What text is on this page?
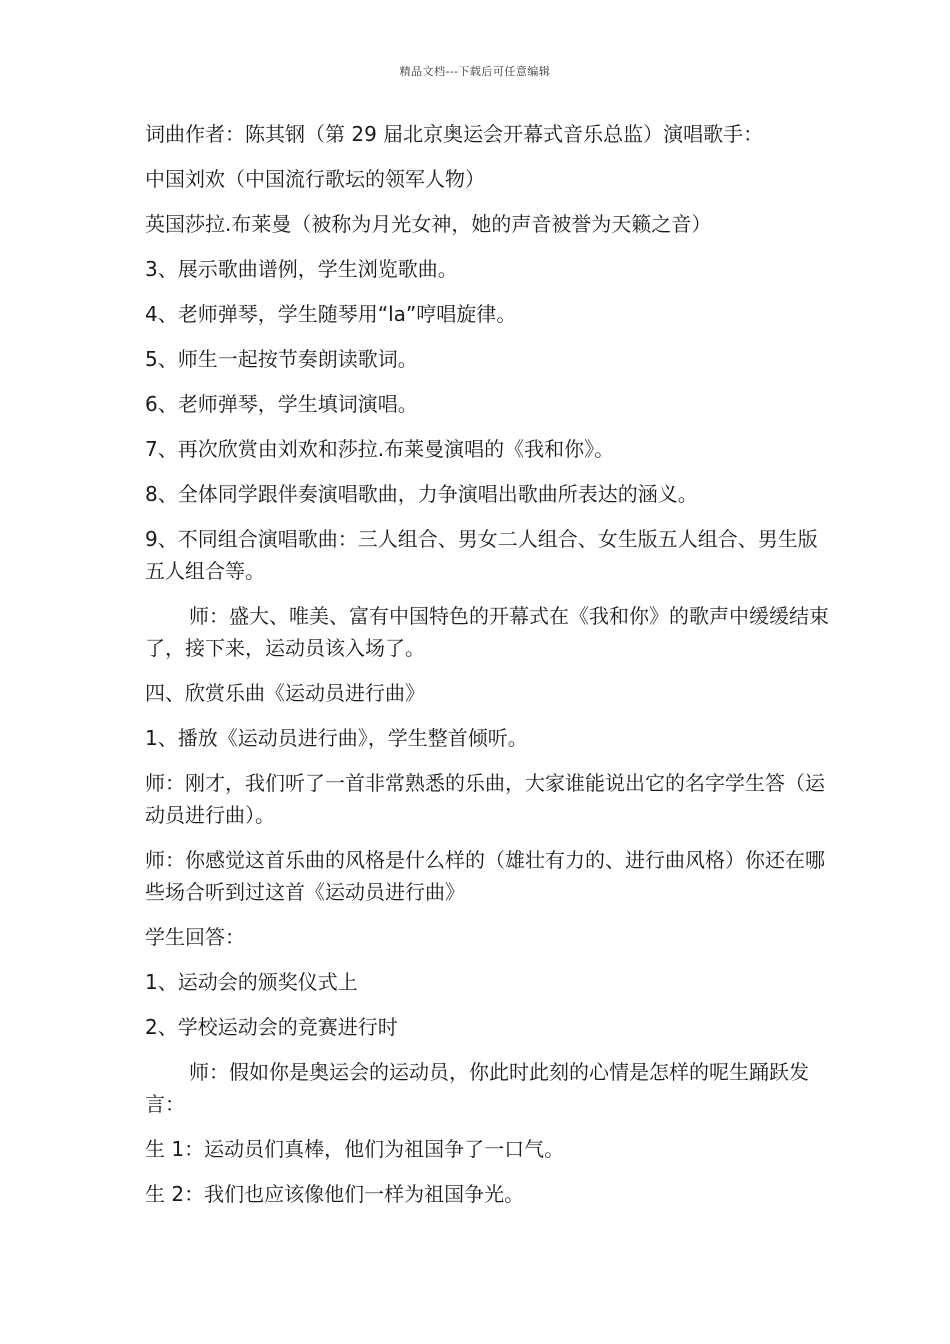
精品文档---下载后可任意编辑

词曲作者：陈其钢（第 29 届北京奥运会开幕式音乐总监）演唱歌手：

中国刘欢（中国流行歌坛的领军人物）

英国莎拉.布莱曼（被称为月光女神，她的声音被誉为天籁之音）

3、展示歌曲谱例，学生浏览歌曲。

4、老师弹琴，学生随琴用“la”哼唱旋律。

5、师生一起按节奏朗读歌词。

6、老师弹琴，学生填词演唱。

7、再次欣赏由刘欢和莎拉.布莱曼演唱的《我和你》。

8、全体同学跟伴奏演唱歌曲，力争演唱出歌曲所表达的涵义。

9、不同组合演唱歌曲：三人组合、男女二人组合、女生版五人组合、男生版五人组合等。

师：盛大、唯美、富有中国特色的开幕式在《我和你》的歌声中缓缓结束了，接下来，运动员该入场了。

四、欣赏乐曲《运动员进行曲》

1、播放《运动员进行曲》，学生整首倾听。

师：刚才，我们听了一首非常熟悉的乐曲，大家谁能说出它的名字学生答（运动员进行曲）。

师：你感觉这首乐曲的风格是什么样的（雄壮有力的、进行曲风格）你还在哪些场合听到过这首《运动员进行曲》

学生回答：

1、运动会的颁奖仪式上

2、学校运动会的竞赛进行时

师：假如你是奥运会的运动员，你此时此刻的心情是怎样的呢生踊跃发言：

生 1：运动员们真棒，他们为祖国争了一口气。

生 2：我们也应该像他们一样为祖国争光。
